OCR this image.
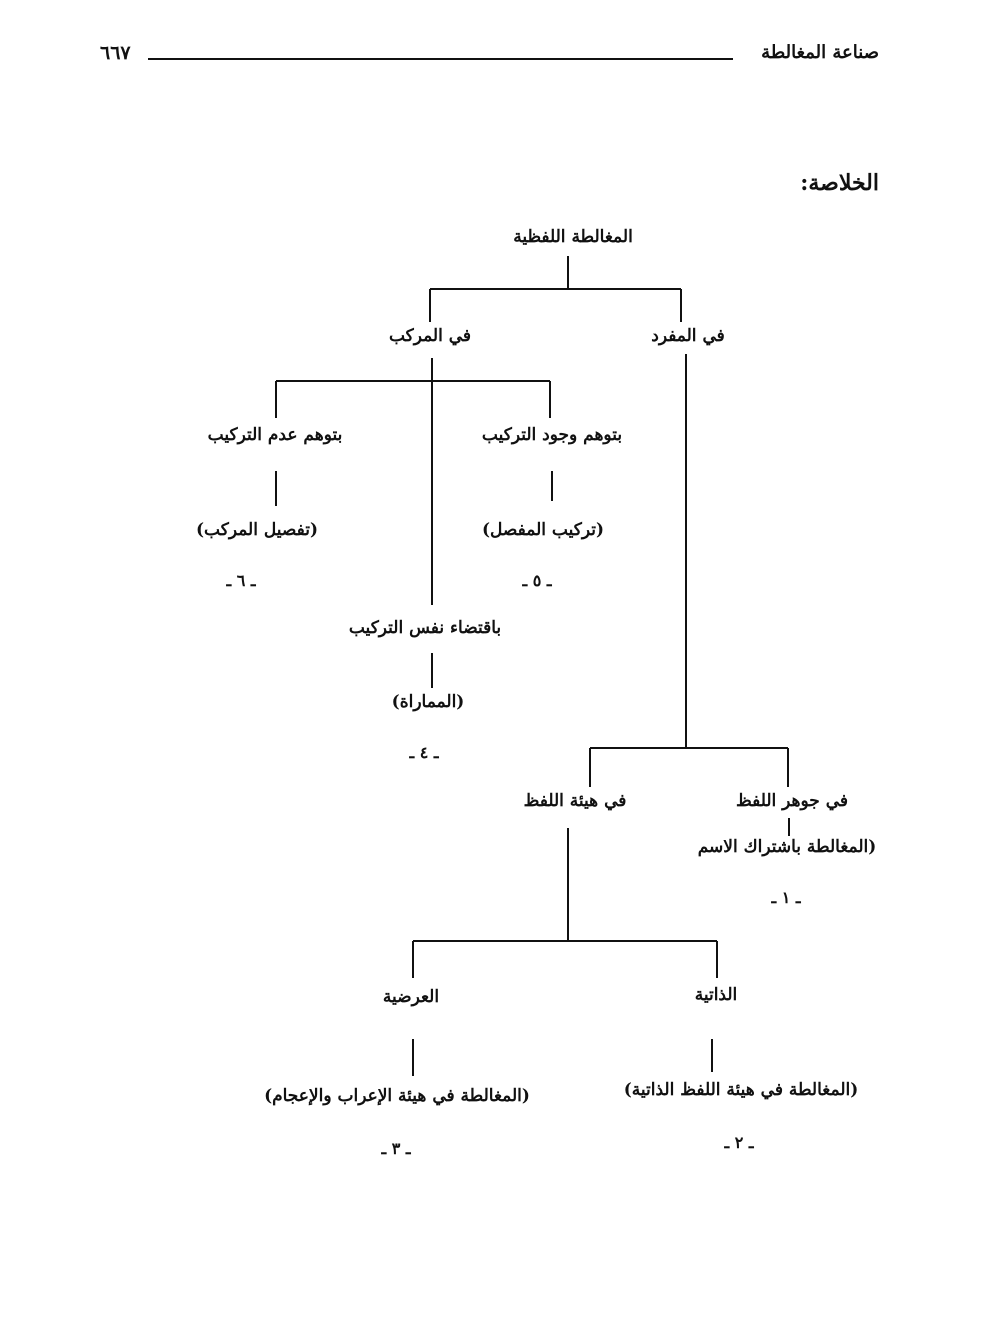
صناعة المغالطة
٦٦٧
الخلاصة:
المغالطة اللفظية
في المركب	في المفرد
بتوهم عدم التركيب	بتوهم وجود التركيب
(تفصيل المركب)	(تركيب المفصل)
ـ ٦ ـ	ـ ٥ ـ
باقتضاء نفس التركيب
(المماراة)
ـ ٤ ـ
في هيئة اللفظ	في جوهر اللفظ
(المغالطة باشتراك الاسم
ـ ١ ـ
العرضية	الذاتية
(المغالطة في هيئة الإعراب والإعجام)	(المغالطة في هيئة اللفظ الذاتية)
ـ ٣ ـ	ـ ٢ ـ
